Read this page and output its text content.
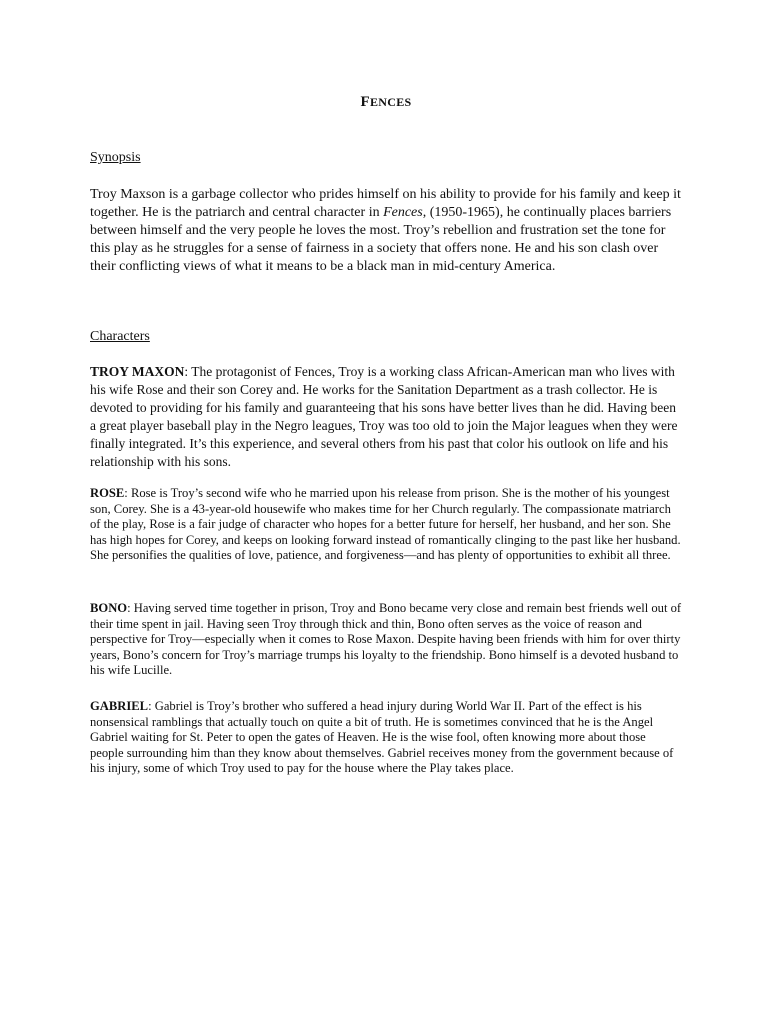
FENCES
Synopsis

Troy Maxson is a garbage collector who prides himself on his ability to provide for his family and keep it together. He is the patriarch and central character in Fences, (1950-1965), he continually places barriers between himself and the very people he loves the most. Troy’s rebellion and frustration set the tone for this play as he struggles for a sense of fairness in a society that offers none. He and his son clash over their conflicting views of what it means to be a black man in mid-century America.

Characters

TROY MAXON: The protagonist of Fences, Troy is a working class African-American man who lives with his wife Rose and their son Corey and. He works for the Sanitation Department as a trash collector. He is devoted to providing for his family and guaranteeing that his sons have better lives than he did. Having been a great player baseball play in the Negro leagues, Troy was too old to join the Major leagues when they were finally integrated. It’s this experience, and several others from his past that color his outlook on life and his relationship with his sons.

ROSE: Rose is Troy’s second wife who he married upon his release from prison. She is the mother of his youngest son, Corey. She is a 43-year-old housewife who makes time for her Church regularly. The compassionate matriarch of the play, Rose is a fair judge of character who hopes for a better future for herself, her husband, and her son. She has high hopes for Corey, and keeps on looking forward instead of romantically clinging to the past like her husband. She personifies the qualities of love, patience, and forgiveness—and has plenty of opportunities to exhibit all three.

BONO: Having served time together in prison, Troy and Bono became very close and remain best friends well out of their time spent in jail. Having seen Troy through thick and thin, Bono often serves as the voice of reason and perspective for Troy—especially when it comes to Rose Maxon. Despite having been friends with him for over thirty years, Bono’s concern for Troy’s marriage trumps his loyalty to the friendship. Bono himself is a devoted husband to his wife Lucille.

GABRIEL: Gabriel is Troy’s brother who suffered a head injury during World War II. Part of the effect is his nonsensical ramblings that actually touch on quite a bit of truth. He is sometimes convinced that he is the Angel Gabriel waiting for St. Peter to open the gates of Heaven. He is the wise fool, often knowing more about those people surrounding him than they know about themselves. Gabriel receives money from the government because of his injury, some of which Troy used to pay for the house where the Play takes place.
